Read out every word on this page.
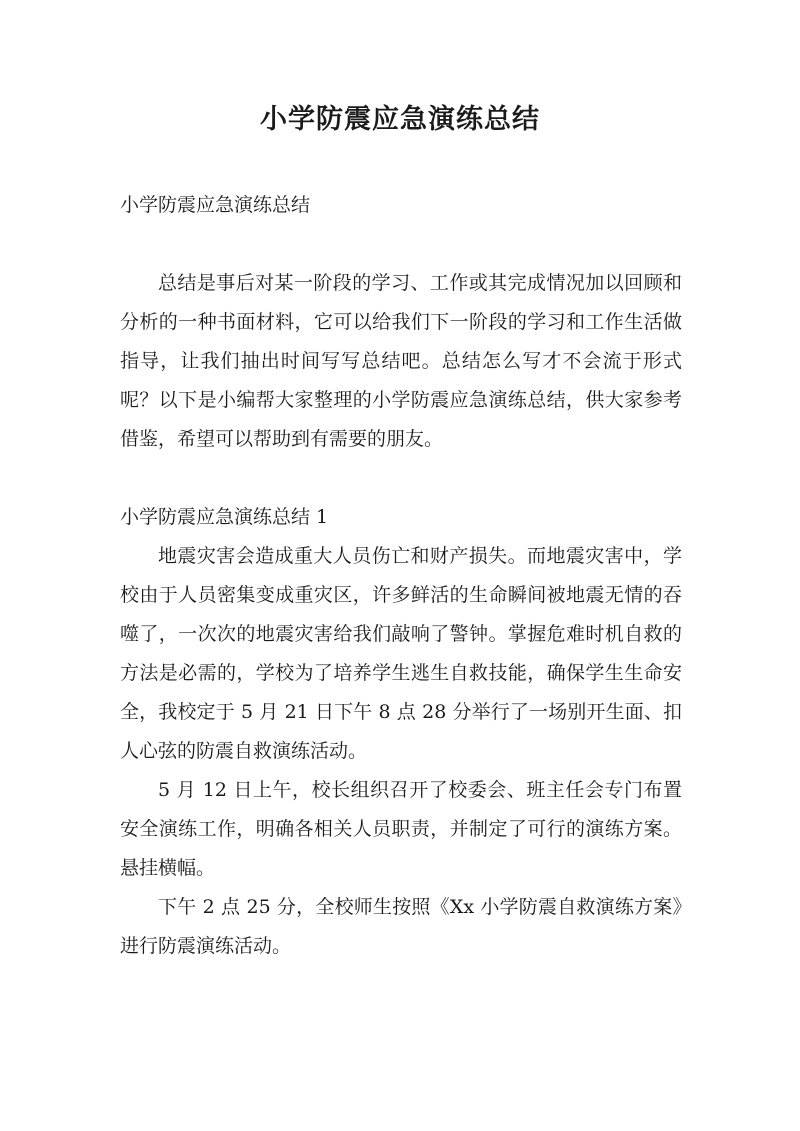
小学防震应急演练总结

小学防震应急演练总结

总结是事后对某一阶段的学习、工作或其完成情况加以回顾和分析的一种书面材料，它可以给我们下一阶段的学习和工作生活做指导，让我们抽出时间写写总结吧。总结怎么写才不会流于形式呢？以下是小编帮大家整理的小学防震应急演练总结，供大家参考借鉴，希望可以帮助到有需要的朋友。

小学防震应急演练总结 1

地震灾害会造成重大人员伤亡和财产损失。而地震灾害中，学校由于人员密集变成重灾区，许多鲜活的生命瞬间被地震无情的吞噬了，一次次的地震灾害给我们敲响了警钟。掌握危难时机自救的方法是必需的，学校为了培养学生逃生自救技能，确保学生生命安全，我校定于 5 月 21 日下午 8 点 28 分举行了一场别开生面、扣人心弦的防震自救演练活动。

5 月 12 日上午，校长组织召开了校委会、班主任会专门布置安全演练工作，明确各相关人员职责，并制定了可行的演练方案。悬挂横幅。

下午 2 点 25 分，全校师生按照《Xx 小学防震自救演练方案》进行防震演练活动。
